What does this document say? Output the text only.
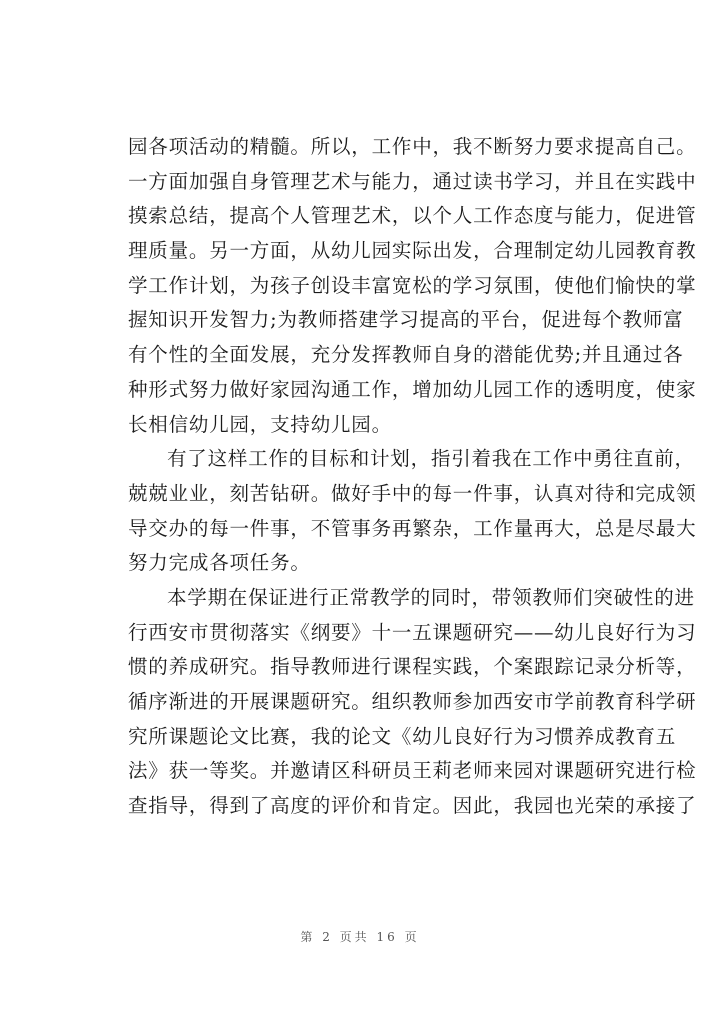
园各项活动的精髓。所以，工作中，我不断努力要求提高自己。
一方面加强自身管理艺术与能力，通过读书学习，并且在实践中
摸索总结，提高个人管理艺术，以个人工作态度与能力，促进管
理质量。另一方面，从幼儿园实际出发，合理制定幼儿园教育教
学工作计划，为孩子创设丰富宽松的学习氛围，使他们愉快的掌
握知识开发智力;为教师搭建学习提高的平台，促进每个教师富
有个性的全面发展，充分发挥教师自身的潜能优势;并且通过各
种形式努力做好家园沟通工作，增加幼儿园工作的透明度，使家
长相信幼儿园，支持幼儿园。
有了这样工作的目标和计划，指引着我在工作中勇往直前，
兢兢业业，刻苦钻研。做好手中的每一件事，认真对待和完成领
导交办的每一件事，不管事务再繁杂，工作量再大，总是尽最大
努力完成各项任务。
本学期在保证进行正常教学的同时，带领教师们突破性的进
行西安市贯彻落实《纲要》十一五课题研究——幼儿良好行为习
惯的养成研究。指导教师进行课程实践，个案跟踪记录分析等，
循序渐进的开展课题研究。组织教师参加西安市学前教育科学研
究所课题论文比赛，我的论文《幼儿良好行为习惯养成教育五
法》获一等奖。并邀请区科研员王莉老师来园对课题研究进行检
查指导，得到了高度的评价和肯定。因此，我园也光荣的承接了
第 2 页共 16 页
